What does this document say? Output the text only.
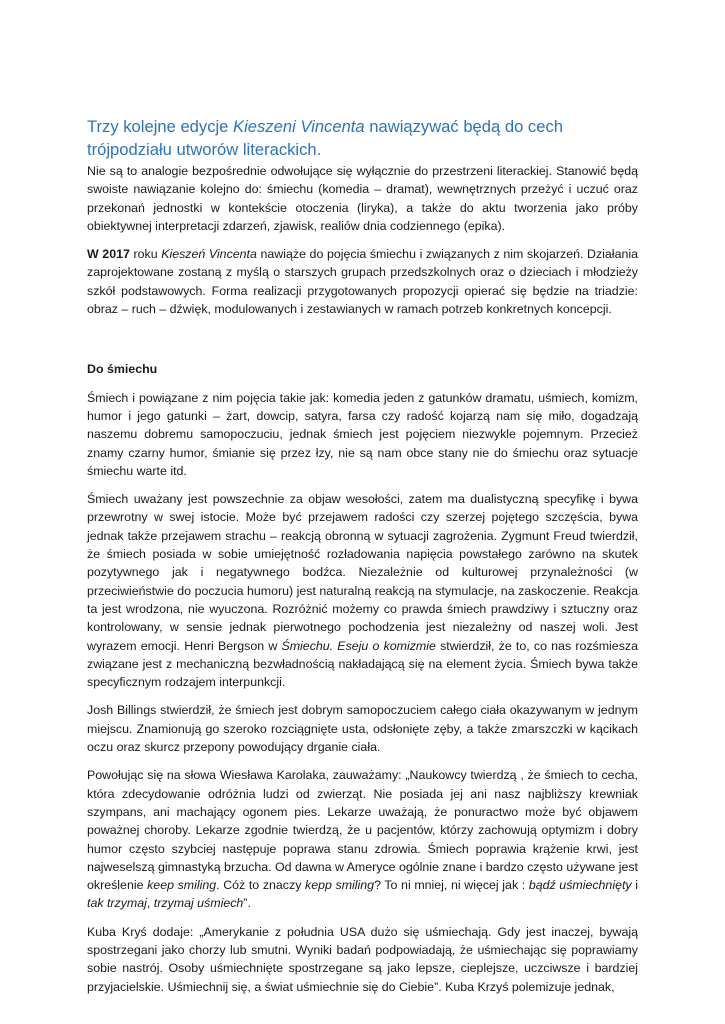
Trzy kolejne edycje Kieszeni Vincenta nawiązywać będą do cech trójpodziału utworów literackich.

Nie są to analogie bezpośrednie odwołujące się wyłącznie do przestrzeni literackiej. Stanowić będą swoiste nawiązanie kolejno do: śmiechu (komedia – dramat), wewnętrznych przeżyć i uczuć oraz przekonań jednostki w kontekście otoczenia (liryka), a także do aktu tworzenia jako próby obiektywnej interpretacji zdarzeń, zjawisk, realiów dnia codziennego (epika).

W 2017 roku Kieszeń Vincenta nawiąże do pojęcia śmiechu i związanych z nim skojarzeń. Działania zaprojektowane zostaną z myślą o starszych grupach przedszkolnych oraz o dzieciach i młodzieży szkół podstawowych. Forma realizacji przygotowanych propozycji opierać się będzie na triadzie: obraz – ruch – dźwięk, modulowanych i zestawianych w ramach potrzeb konkretnych koncepcji.

Do śmiechu

Śmiech i powiązane z nim pojęcia takie jak: komedia jeden z gatunków dramatu, uśmiech, komizm, humor i jego gatunki – żart, dowcip, satyra, farsa czy radość kojarzą nam się miło, dogadzają naszemu dobremu samopoczuciu, jednak śmiech jest pojęciem niezwykle pojemnym. Przecież znamy czarny humor, śmianie się przez łzy, nie są nam obce stany nie do śmiechu oraz sytuacje śmiechu warte itd.

Śmiech uważany jest powszechnie za objaw wesołości, zatem ma dualistyczną specyfikę i bywa przewrotny w swej istocie. Może być przejawem radości czy szerzej pojętego szczęścia, bywa jednak także przejawem strachu – reakcją obronną w sytuacji zagrożenia. Zygmunt Freud twierdził, że śmiech posiada w sobie umiejętność rozładowania napięcia powstałego zarówno na skutek pozytywnego jak i negatywnego bodźca. Niezależnie od kulturowej przynależności (w przeciwieństwie do poczucia humoru) jest naturalną reakcją na stymulacje, na zaskoczenie. Reakcja ta jest wrodzona, nie wyuczona. Rozróżnić możemy co prawda śmiech prawdziwy i sztuczny oraz kontrolowany, w sensie jednak pierwotnego pochodzenia jest niezależny od naszej woli. Jest wyrazem emocji. Henri Bergson w Śmiechu. Eseju o komizmie stwierdził, że to, co nas rozśmiesza związane jest z mechaniczną bezwładnością nakładającą się na element życia. Śmiech bywa także specyficznym rodzajem interpunkcji.

Josh Billings stwierdził, że śmiech jest dobrym samopoczuciem całego ciała okazywanym w jednym miejscu. Znamionują go szeroko rozciągnięte usta, odsłonięte zęby, a także zmarszczki w kącikach oczu oraz skurcz przepony powodujący drganie ciała.

Powołując się na słowa Wiesława Karolaka, zauważamy: „Naukowcy twierdzą , że śmiech to cecha, która zdecydowanie odróżnia ludzi od zwierząt. Nie posiada jej ani nasz najbliższy krewniak szympans, ani machający ogonem pies. Lekarze uważają, że ponuractwo może być objawem poważnej choroby. Lekarze zgodnie twierdzą, że u pacjentów, którzy zachowują optymizm i dobry humor często szybciej następuje poprawa stanu zdrowia. Śmiech poprawia krążenie krwi, jest najweselszą gimnastyką brzucha. Od dawna w Ameryce ogólnie znane i bardzo często używane jest określenie keep smiling. Cóż to znaczy kepp smiling? To ni mniej, ni więcej jak : bądź uśmiechnięty i tak trzymaj, trzymaj uśmiech”.

Kuba Kryś dodaje: „Amerykanie z południa USA dużo się uśmiechają. Gdy jest inaczej, bywają spostrzegani jako chorzy lub smutni. Wyniki badań podpowiadają, że uśmiechając się poprawiamy sobie nastrój. Osoby uśmiechnięte spostrzegane są jako lepsze, cieplejsze, uczciwsze i bardziej przyjacielskie. Uśmiechnij się, a świat uśmiechnie się do Ciebie”. Kuba Krzyś polemizuje jednak,
